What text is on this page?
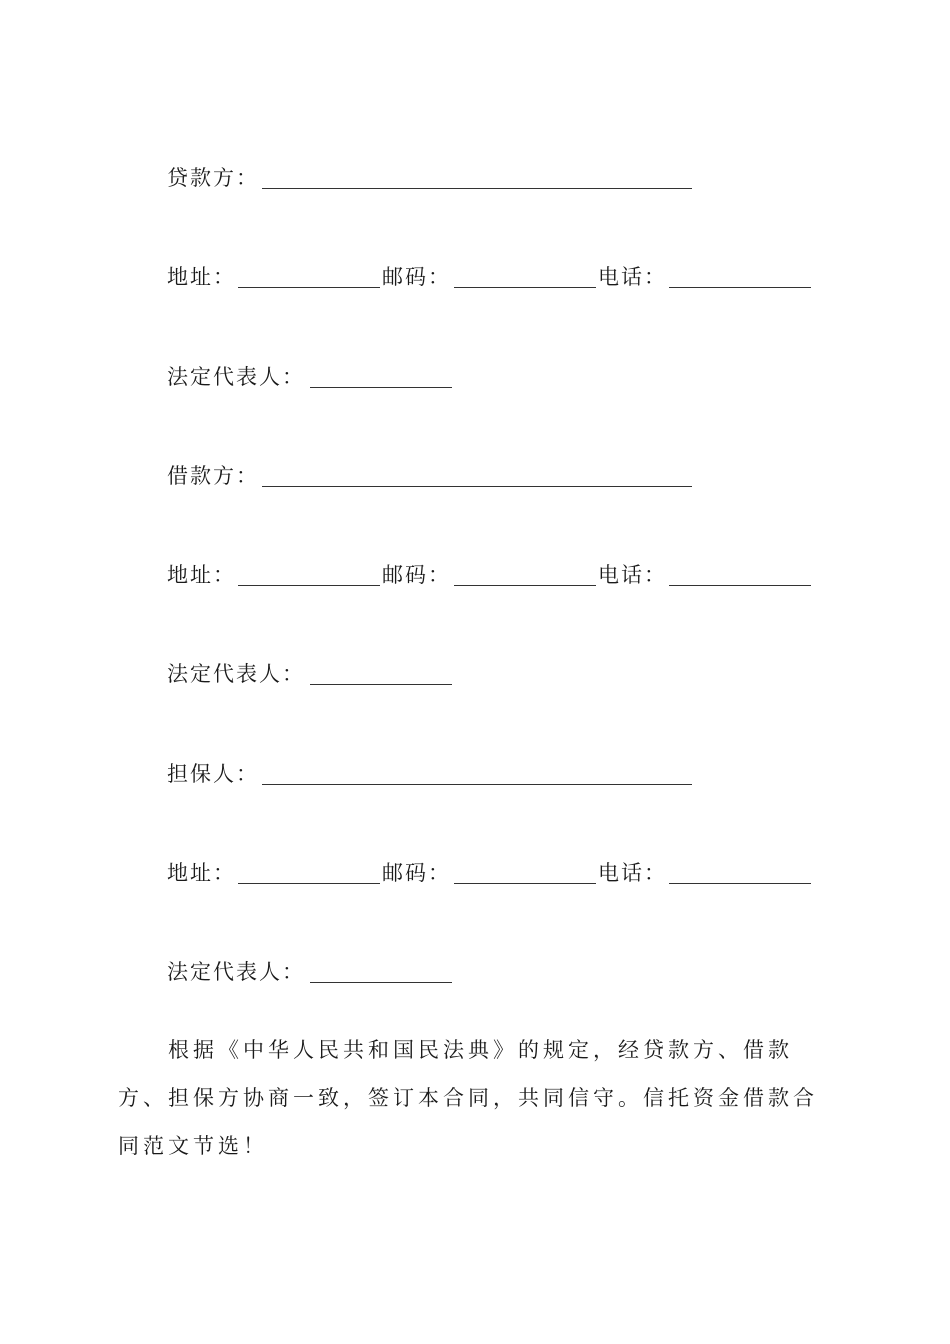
贷款方：
地址：	邮码：	电话：
法定代表人：
借款方：
地址：	邮码：	电话：
法定代表人：
担保人：
地址：	邮码：	电话：
法定代表人：

根据《中华人民共和国民法典》的规定，经贷款方、借款方、担保方协商一致，签订本合同，共同信守。信托资金借款合同范文节选！
